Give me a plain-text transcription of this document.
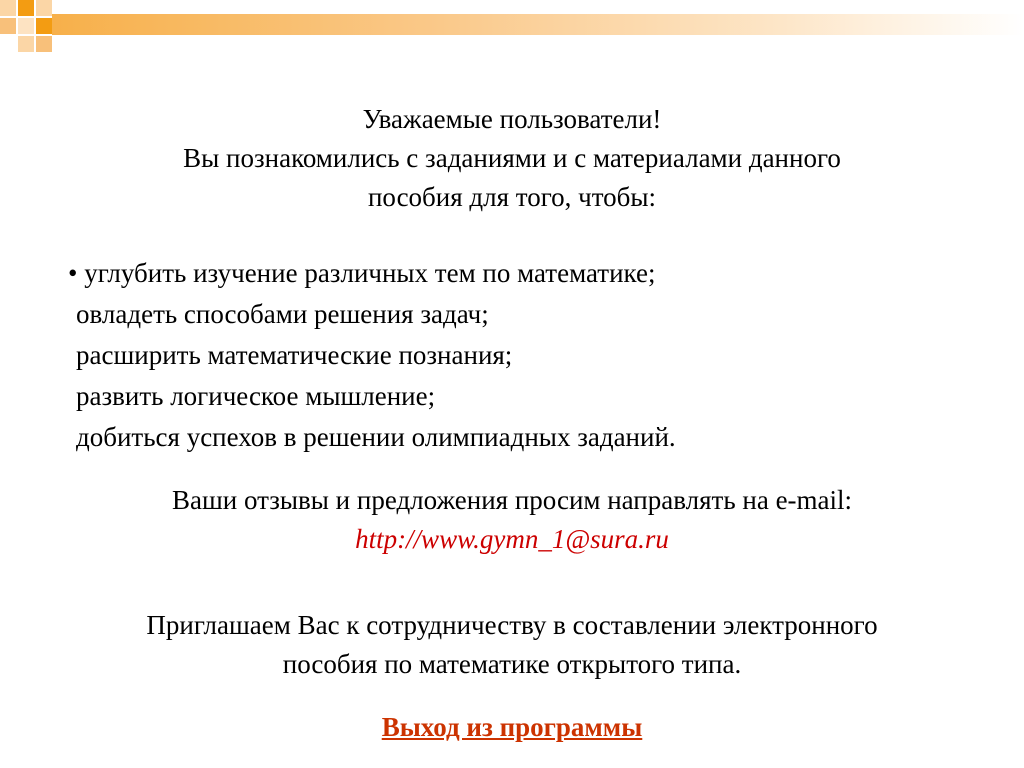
Уважаемые пользователи!
Вы познакомились с заданиями и с материалами данного
пособия для того, чтобы:
• углубить изучение различных тем по математике;
овладеть способами решения задач;
расширить математические познания;
развить логическое мышление;
добиться успехов в решении олимпиадных заданий.
Ваши отзывы и предложения просим направлять на e-mail:
http://www.gymn_1@sura.ru
Приглашаем Вас к сотрудничеству в составлении электронного
пособия по математике открытого типа.
Выход из программы
